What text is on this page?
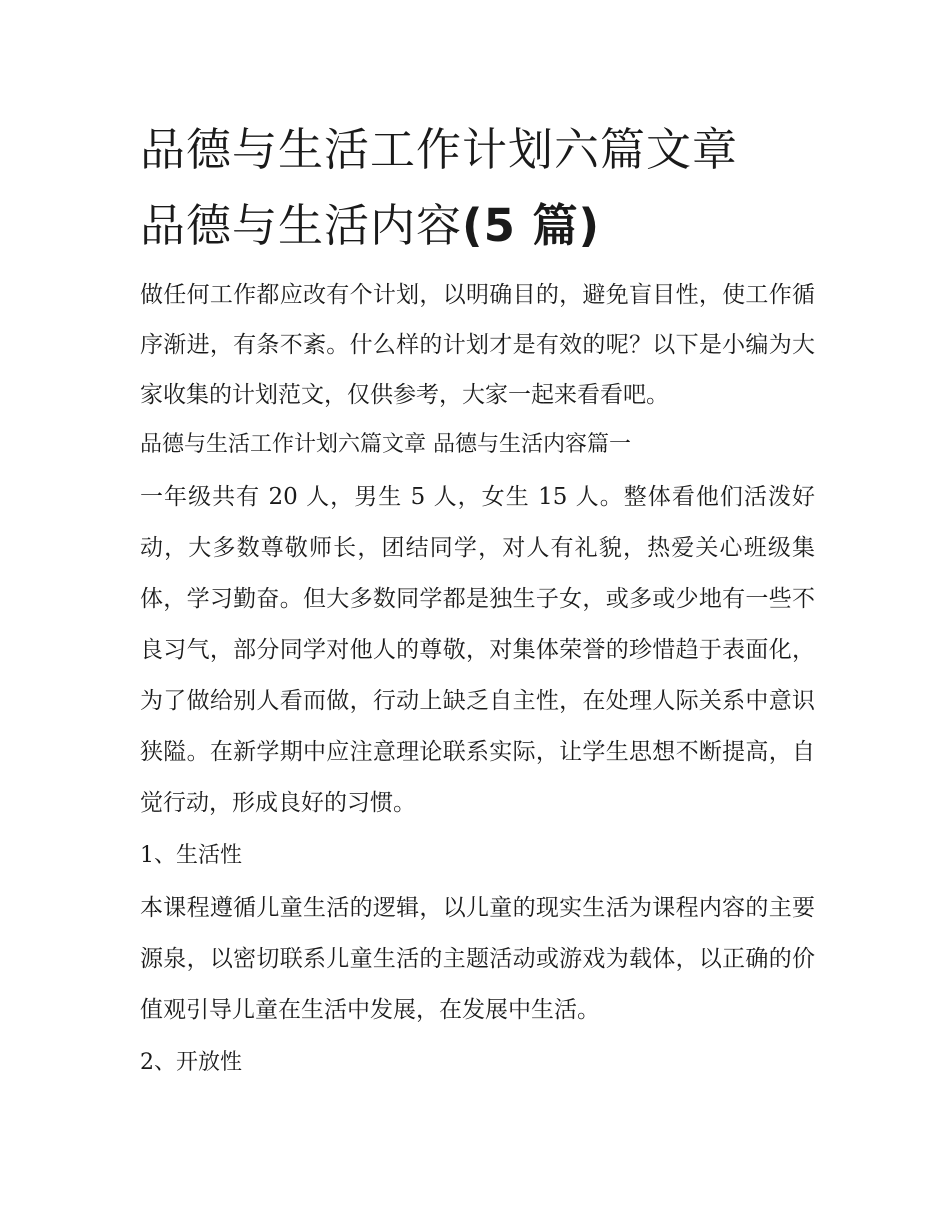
品德与生活工作计划六篇文章
品德与生活内容(5 篇)

做任何工作都应改有个计划，以明确目的，避免盲目性，使工作循序渐进，有条不紊。什么样的计划才是有效的呢？以下是小编为大家收集的计划范文，仅供参考，大家一起来看看吧。

品德与生活工作计划六篇文章 品德与生活内容篇一

一年级共有 20 人，男生 5 人，女生 15 人。整体看他们活泼好动，大多数尊敬师长，团结同学，对人有礼貌，热爱关心班级集体，学习勤奋。但大多数同学都是独生子女，或多或少地有一些不良习气，部分同学对他人的尊敬，对集体荣誉的珍惜趋于表面化，为了做给别人看而做，行动上缺乏自主性，在处理人际关系中意识狭隘。在新学期中应注意理论联系实际，让学生思想不断提高，自觉行动，形成良好的习惯。

1、生活性

本课程遵循儿童生活的逻辑，以儿童的现实生活为课程内容的主要源泉，以密切联系儿童生活的主题活动或游戏为载体，以正确的价值观引导儿童在生活中发展，在发展中生活。

2、开放性
